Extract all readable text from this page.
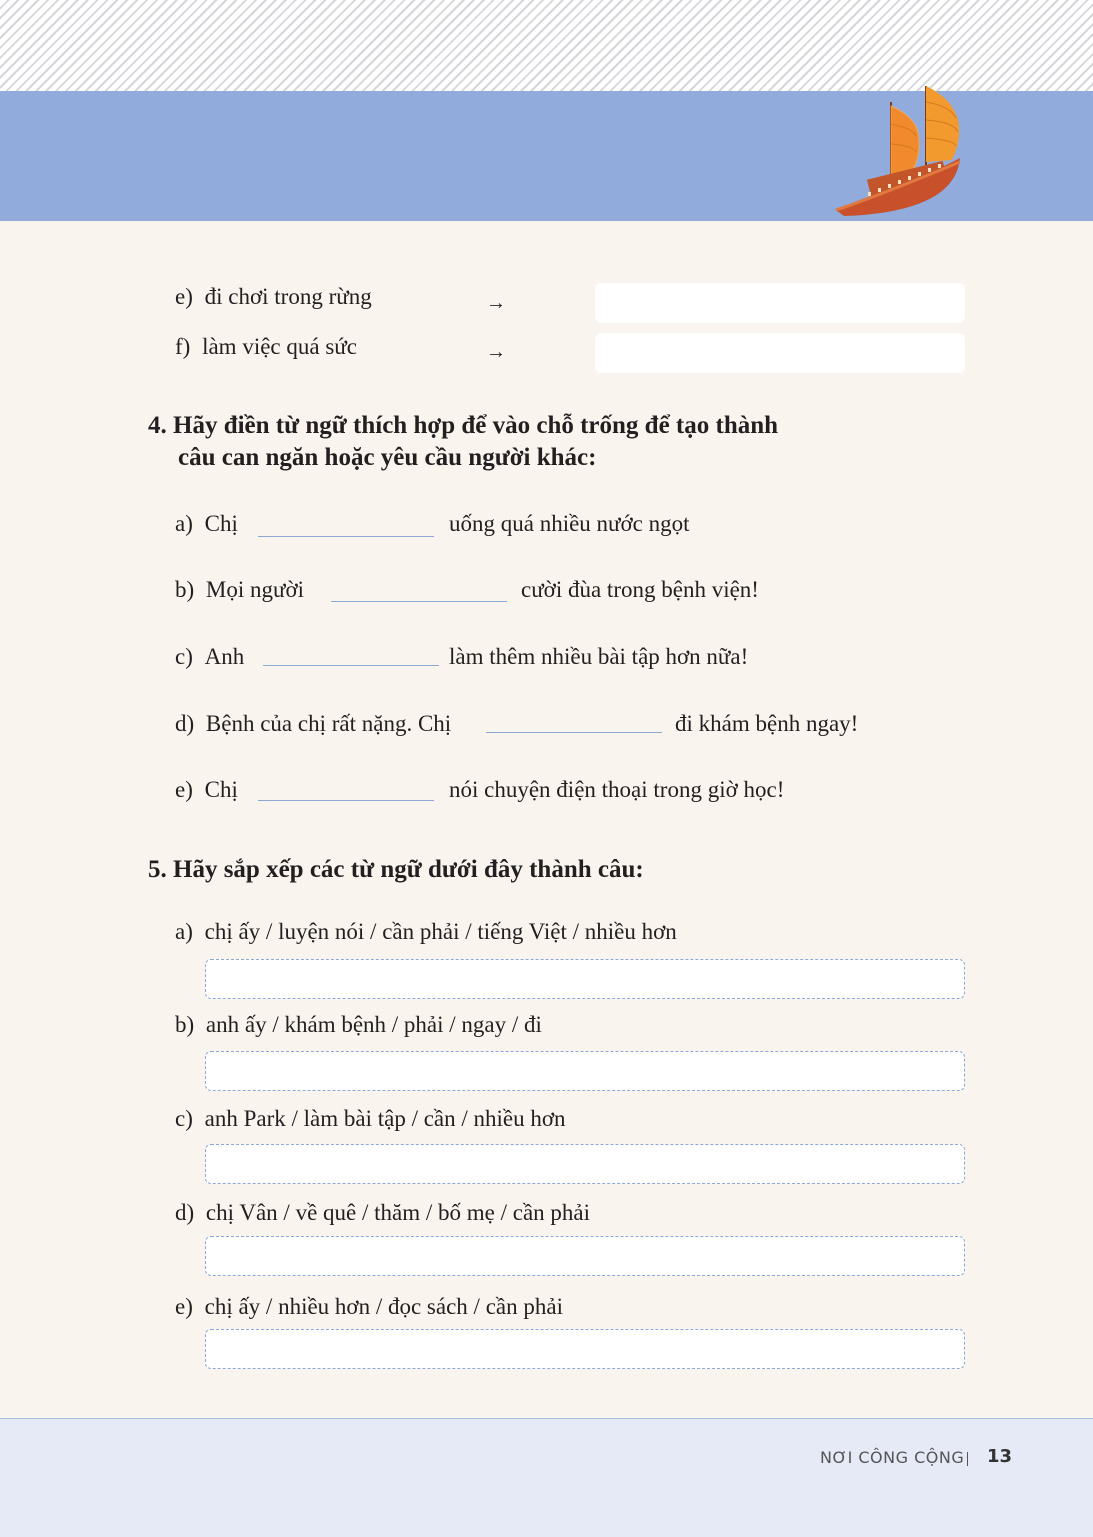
e) đi chơi trong rừng	→
f) làm việc quá sức	→
4. Hãy điền từ ngữ thích hợp để vào chỗ trống để tạo thành
câu can ngăn hoặc yêu cầu người khác:
a) Chị	uống quá nhiều nước ngọt
b) Mọi người	cười đùa trong bệnh viện!
c) Anh	làm thêm nhiều bài tập hơn nữa!
d) Bệnh của chị rất nặng. Chị	đi khám bệnh ngay!
e) Chị	nói chuyện điện thoại trong giờ học!
5. Hãy sắp xếp các từ ngữ dưới đây thành câu:
a) chị ấy / luyện nói / cần phải / tiếng Việt / nhiều hơn
b) anh ấy / khám bệnh / phải / ngay / đi
c) anh Park / làm bài tập / cần / nhiều hơn
d) chị Vân / về quê / thăm / bố mẹ / cần phải
e) chị ấy / nhiều hơn / đọc sách / cần phải
NƠI CÔNG CỘNG 13
